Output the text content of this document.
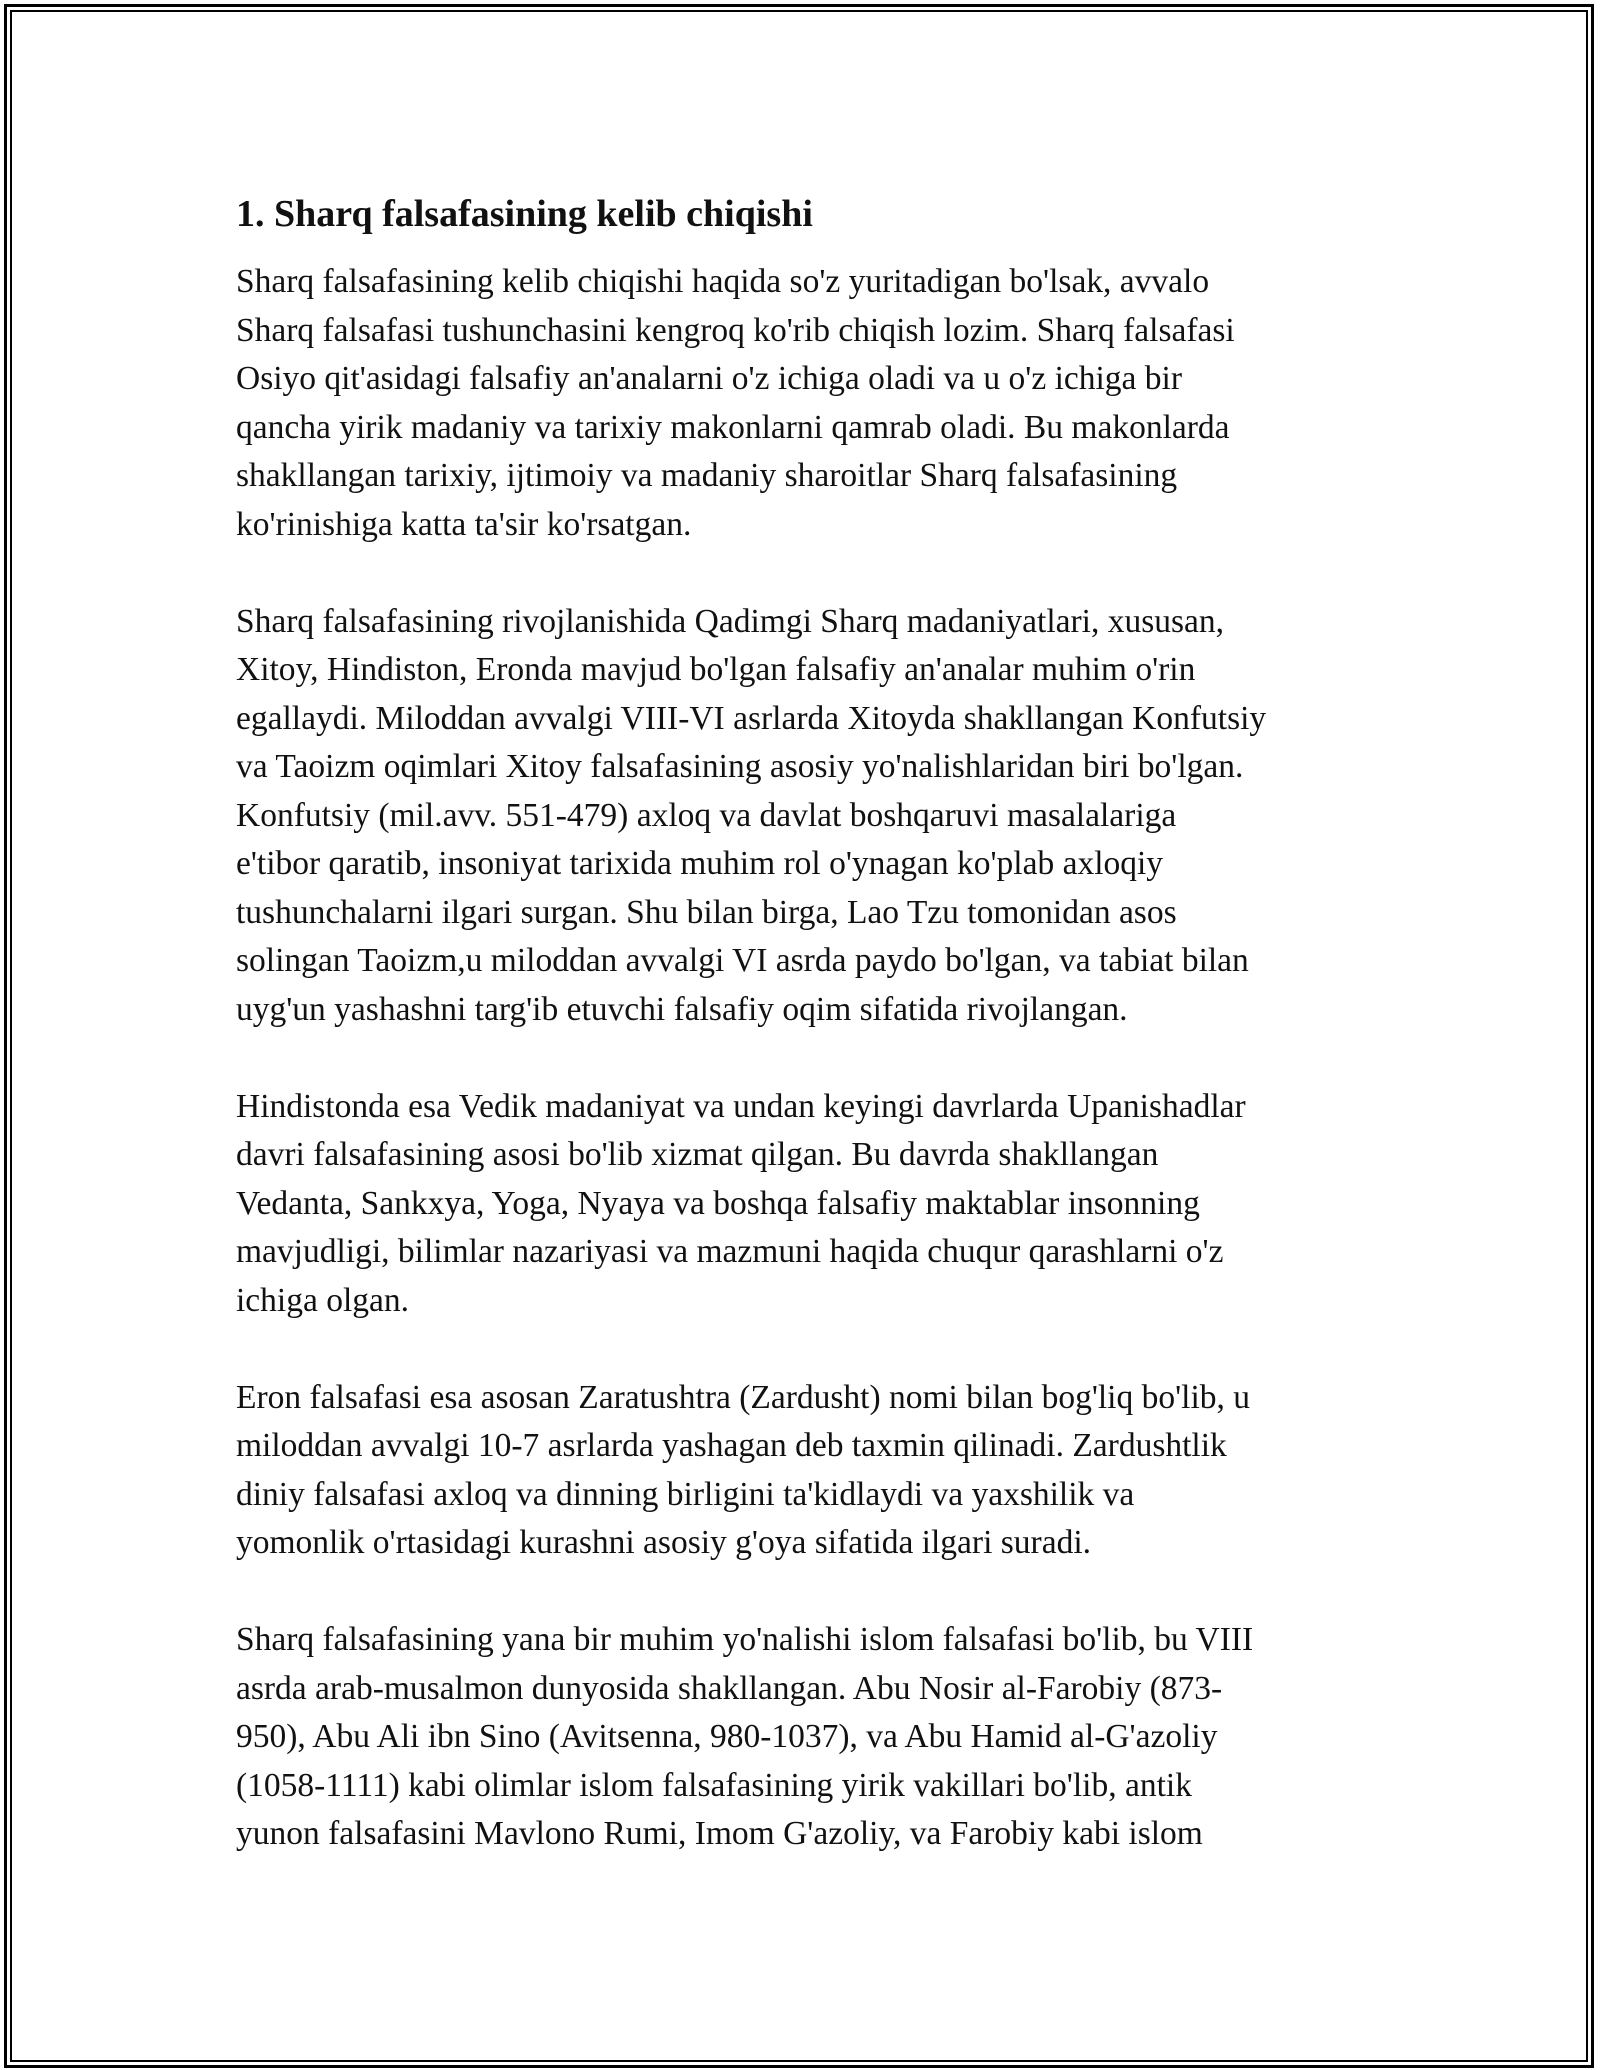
1. Sharq falsafasining kelib chiqishi

Sharq falsafasining kelib chiqishi haqida so'z yuritadigan bo'lsak, avvalo
Sharq falsafasi tushunchasini kengroq ko'rib chiqish lozim. Sharq falsafasi
Osiyo qit'asidagi falsafiy an'analarni o'z ichiga oladi va u o'z ichiga bir
qancha yirik madaniy va tarixiy makonlarni qamrab oladi. Bu makonlarda
shakllangan tarixiy, ijtimoiy va madaniy sharoitlar Sharq falsafasining
ko'rinishiga katta ta'sir ko'rsatgan.

Sharq falsafasining rivojlanishida Qadimgi Sharq madaniyatlari, xususan,
Xitoy, Hindiston, Eronda mavjud bo'lgan falsafiy an'analar muhim o'rin
egallaydi. Miloddan avvalgi VIII-VI asrlarda Xitoyda shakllangan Konfutsiy
va Taoizm oqimlari Xitoy falsafasining asosiy yo'nalishlaridan biri bo'lgan.
Konfutsiy (mil.avv. 551-479) axloq va davlat boshqaruvi masalalariga
e'tibor qaratib, insoniyat tarixida muhim rol o'ynagan ko'plab axloqiy
tushunchalarni ilgari surgan. Shu bilan birga, Lao Tzu tomonidan asos
solingan Taoizm,u miloddan avvalgi VI asrda paydo bo'lgan, va tabiat bilan
uyg'un yashashni targ'ib etuvchi falsafiy oqim sifatida rivojlangan.

Hindistonda esa Vedik madaniyat va undan keyingi davrlarda Upanishadlar
davri falsafasining asosi bo'lib xizmat qilgan. Bu davrda shakllangan
Vedanta, Sankxya, Yoga, Nyaya va boshqa falsafiy maktablar insonning
mavjudligi, bilimlar nazariyasi va mazmuni haqida chuqur qarashlarni o'z
ichiga olgan.

Eron falsafasi esa asosan Zaratushtra (Zardusht) nomi bilan bog'liq bo'lib, u
miloddan avvalgi 10-7 asrlarda yashagan deb taxmin qilinadi. Zardushtlik
diniy falsafasi axloq va dinning birligini ta'kidlaydi va yaxshilik va
yomonlik o'rtasidagi kurashni asosiy g'oya sifatida ilgari suradi.

Sharq falsafasining yana bir muhim yo'nalishi islom falsafasi bo'lib, bu VIII
asrda arab-musalmon dunyosida shakllangan. Abu Nosir al-Farobiy (873-
950), Abu Ali ibn Sino (Avitsenna, 980-1037), va Abu Hamid al-G'azoliy
(1058-1111) kabi olimlar islom falsafasining yirik vakillari bo'lib, antik
yunon falsafasini Mavlono Rumi, Imom G'azoliy, va Farobiy kabi islom
